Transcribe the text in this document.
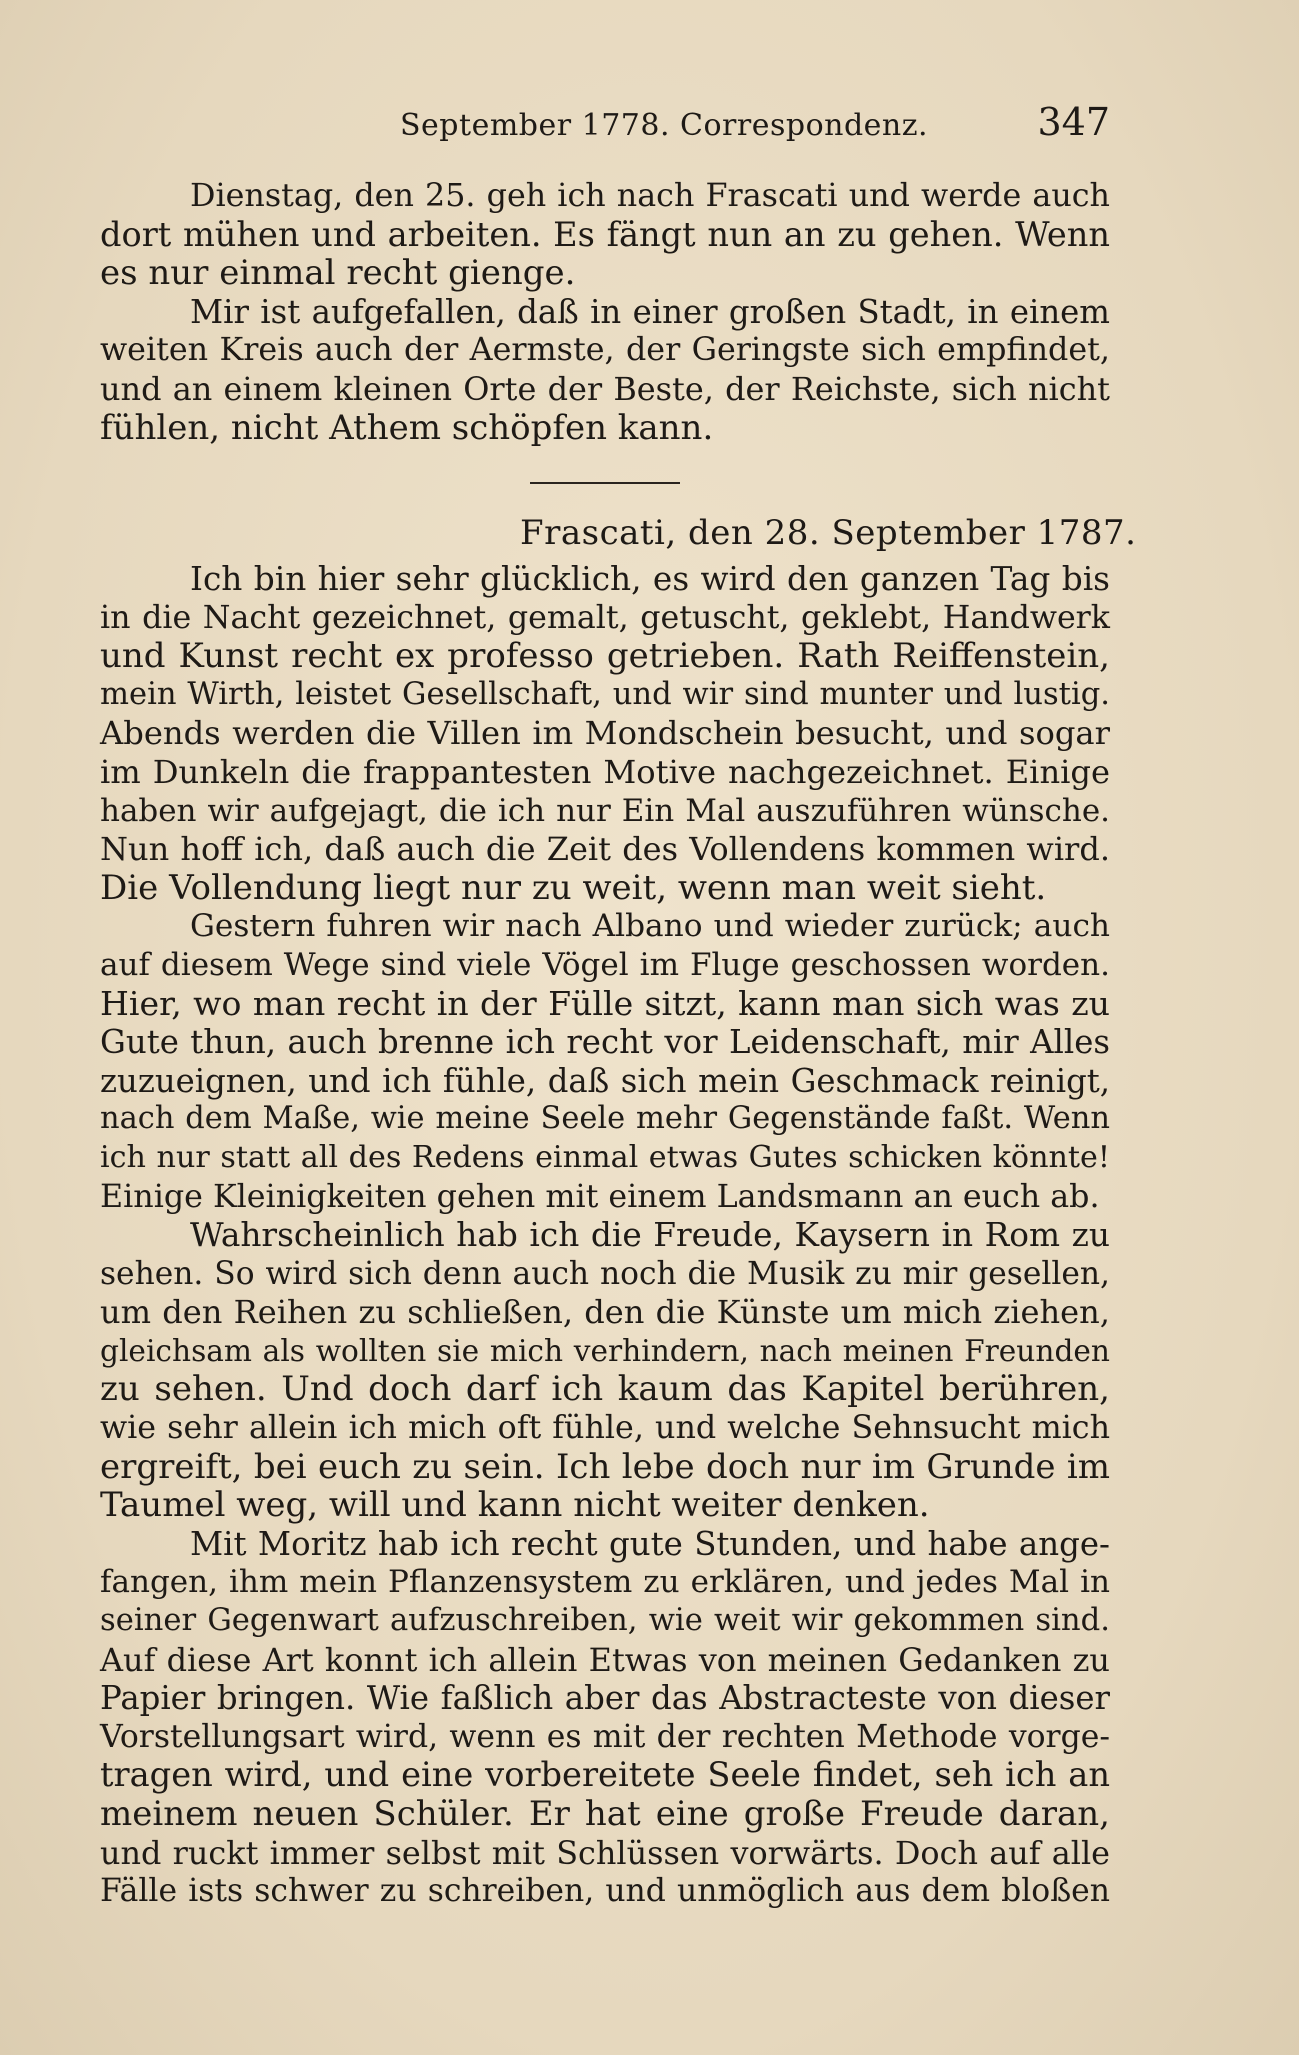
September 1778. Correspondenz.	347
Dienstag, den 25. geh ich nach Frascati und werde auch
dort mühen und arbeiten. Es fängt nun an zu gehen. Wenn
es nur einmal recht gienge.
Mir ist aufgefallen, daß in einer großen Stadt, in einem
weiten Kreis auch der Aermste, der Geringste sich empfindet,
und an einem kleinen Orte der Beste, der Reichste, sich nicht
fühlen, nicht Athem schöpfen kann.
Frascati, den 28. September 1787.
Ich bin hier sehr glücklich, es wird den ganzen Tag bis
in die Nacht gezeichnet, gemalt, getuscht, geklebt, Handwerk
und Kunst recht ex professo getrieben. Rath Reiffenstein,
mein Wirth, leistet Gesellschaft, und wir sind munter und lustig.
Abends werden die Villen im Mondschein besucht, und sogar
im Dunkeln die frappantesten Motive nachgezeichnet. Einige
haben wir aufgejagt, die ich nur Ein Mal auszuführen wünsche.
Nun hoff ich, daß auch die Zeit des Vollendens kommen wird.
Die Vollendung liegt nur zu weit, wenn man weit sieht.
Gestern fuhren wir nach Albano und wieder zurück; auch
auf diesem Wege sind viele Vögel im Fluge geschossen worden.
Hier, wo man recht in der Fülle sitzt, kann man sich was zu
Gute thun, auch brenne ich recht vor Leidenschaft, mir Alles
zuzueignen, und ich fühle, daß sich mein Geschmack reinigt,
nach dem Maße, wie meine Seele mehr Gegenstände faßt. Wenn
ich nur statt all des Redens einmal etwas Gutes schicken könnte!
Einige Kleinigkeiten gehen mit einem Landsmann an euch ab.
Wahrscheinlich hab ich die Freude, Kaysern in Rom zu
sehen. So wird sich denn auch noch die Musik zu mir gesellen,
um den Reihen zu schließen, den die Künste um mich ziehen,
gleichsam als wollten sie mich verhindern, nach meinen Freunden
zu sehen. Und doch darf ich kaum das Kapitel berühren,
wie sehr allein ich mich oft fühle, und welche Sehnsucht mich
ergreift, bei euch zu sein. Ich lebe doch nur im Grunde im
Taumel weg, will und kann nicht weiter denken.
Mit Moritz hab ich recht gute Stunden, und habe ange-
fangen, ihm mein Pflanzensystem zu erklären, und jedes Mal in
seiner Gegenwart aufzuschreiben, wie weit wir gekommen sind.
Auf diese Art konnt ich allein Etwas von meinen Gedanken zu
Papier bringen. Wie faßlich aber das Abstracteste von dieser
Vorstellungsart wird, wenn es mit der rechten Methode vorge-
tragen wird, und eine vorbereitete Seele findet, seh ich an
meinem neuen Schüler. Er hat eine große Freude daran,
und ruckt immer selbst mit Schlüssen vorwärts. Doch auf alle
Fälle ists schwer zu schreiben, und unmöglich aus dem bloßen
